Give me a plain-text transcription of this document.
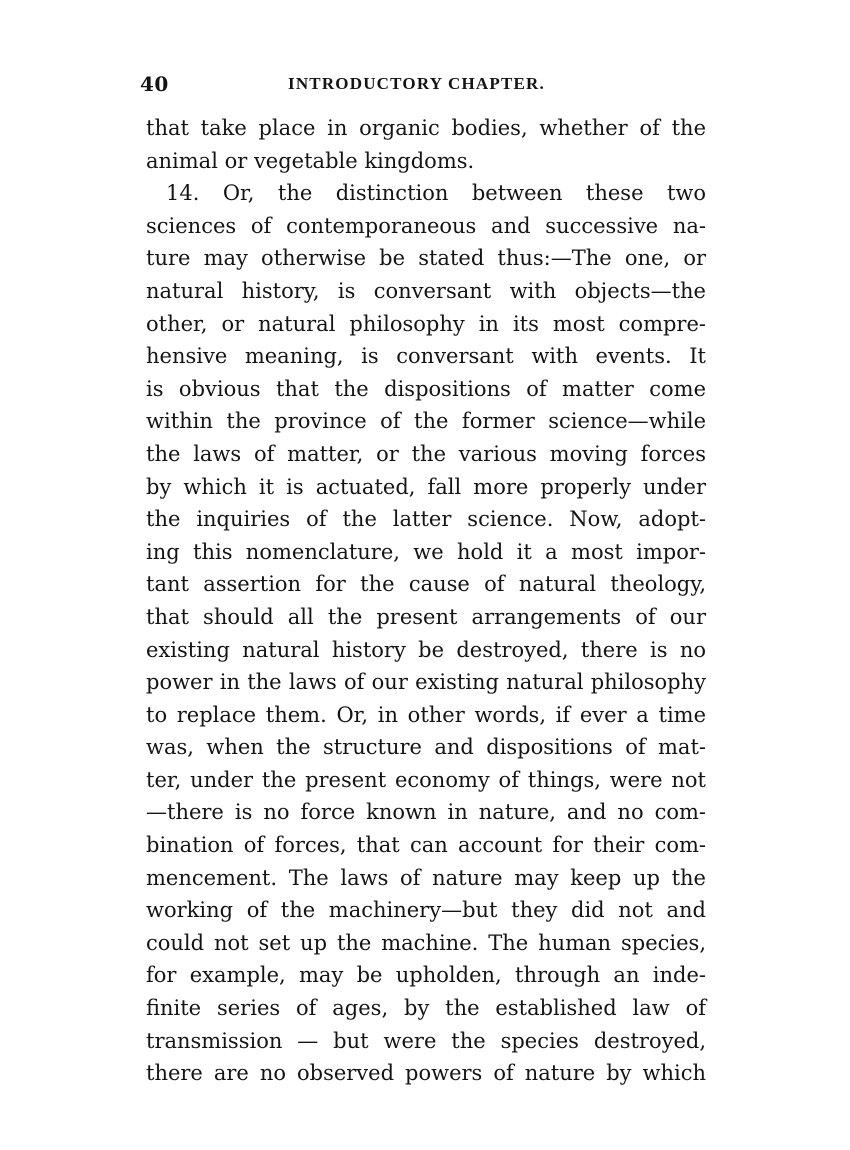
40	INTRODUCTORY CHAPTER.
that take place in organic bodies, whether of the
animal or vegetable kingdoms.
14. Or, the distinction between these two
sciences of contemporaneous and successive na-
ture may otherwise be stated thus:—The one, or
natural history, is conversant with objects—the
other, or natural philosophy in its most compre-
hensive meaning, is conversant with events. It
is obvious that the dispositions of matter come
within the province of the former science—while
the laws of matter, or the various moving forces
by which it is actuated, fall more properly under
the inquiries of the latter science. Now, adopt-
ing this nomenclature, we hold it a most impor-
tant assertion for the cause of natural theology,
that should all the present arrangements of our
existing natural history be destroyed, there is no
power in the laws of our existing natural philosophy
to replace them. Or, in other words, if ever a time
was, when the structure and dispositions of mat-
ter, under the present economy of things, were not
—there is no force known in nature, and no com-
bination of forces, that can account for their com-
mencement. The laws of nature may keep up the
working of the machinery—but they did not and
could not set up the machine. The human species,
for example, may be upholden, through an inde-
finite series of ages, by the established law of
transmission — but were the species destroyed,
there are no observed powers of nature by which
